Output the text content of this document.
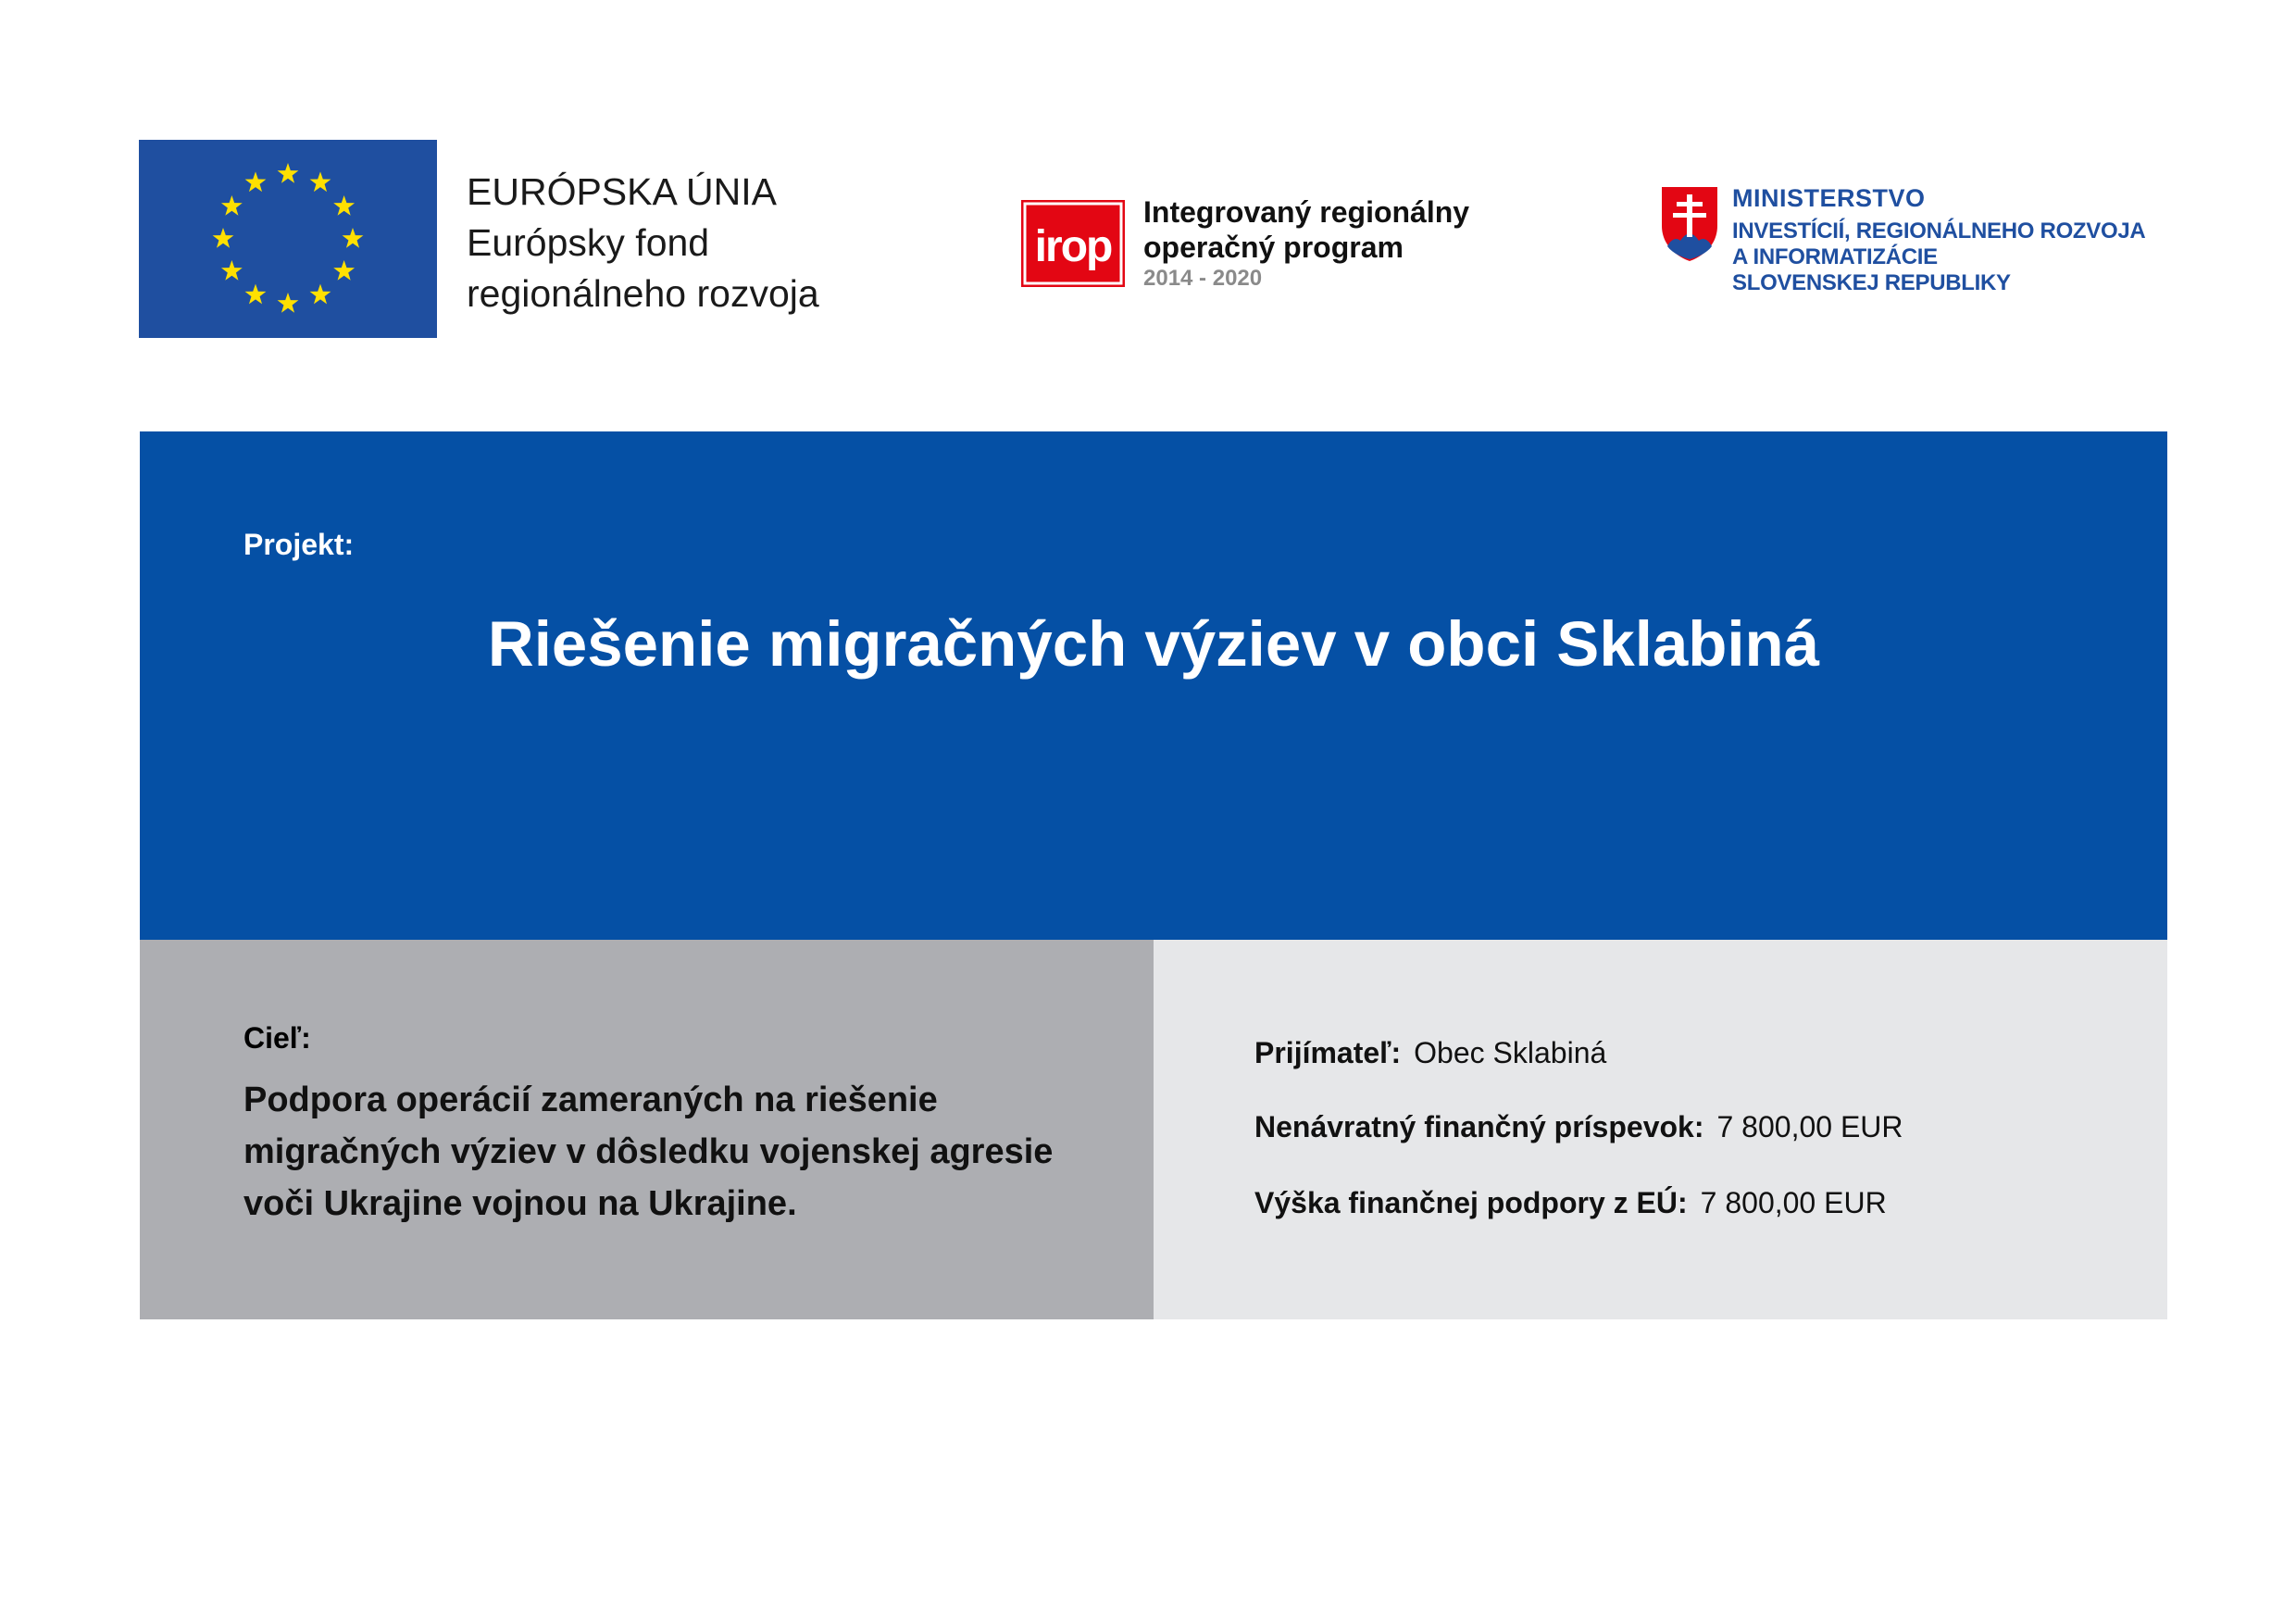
EURÓPSKA ÚNIA
Európsky fond
regionálneho rozvoja
irop
Integrovaný regionálny
operačný program
2014 - 2020
MINISTERSTVO
INVESTÍCIÍ, REGIONÁLNEHO ROZVOJA
A INFORMATIZÁCIE
SLOVENSKEJ REPUBLIKY
Projekt:
Riešenie migračných výziev v obci Sklabiná
Cieľ:
Podpora operácií zameraných na riešenie migračných výziev v dôsledku vojenskej agresie voči Ukrajine vojnou na Ukrajine.
Prijímateľ: Obec Sklabiná
Nenávratný finančný príspevok: 7 800,00 EUR
Výška finančnej podpory z EÚ: 7 800,00 EUR
